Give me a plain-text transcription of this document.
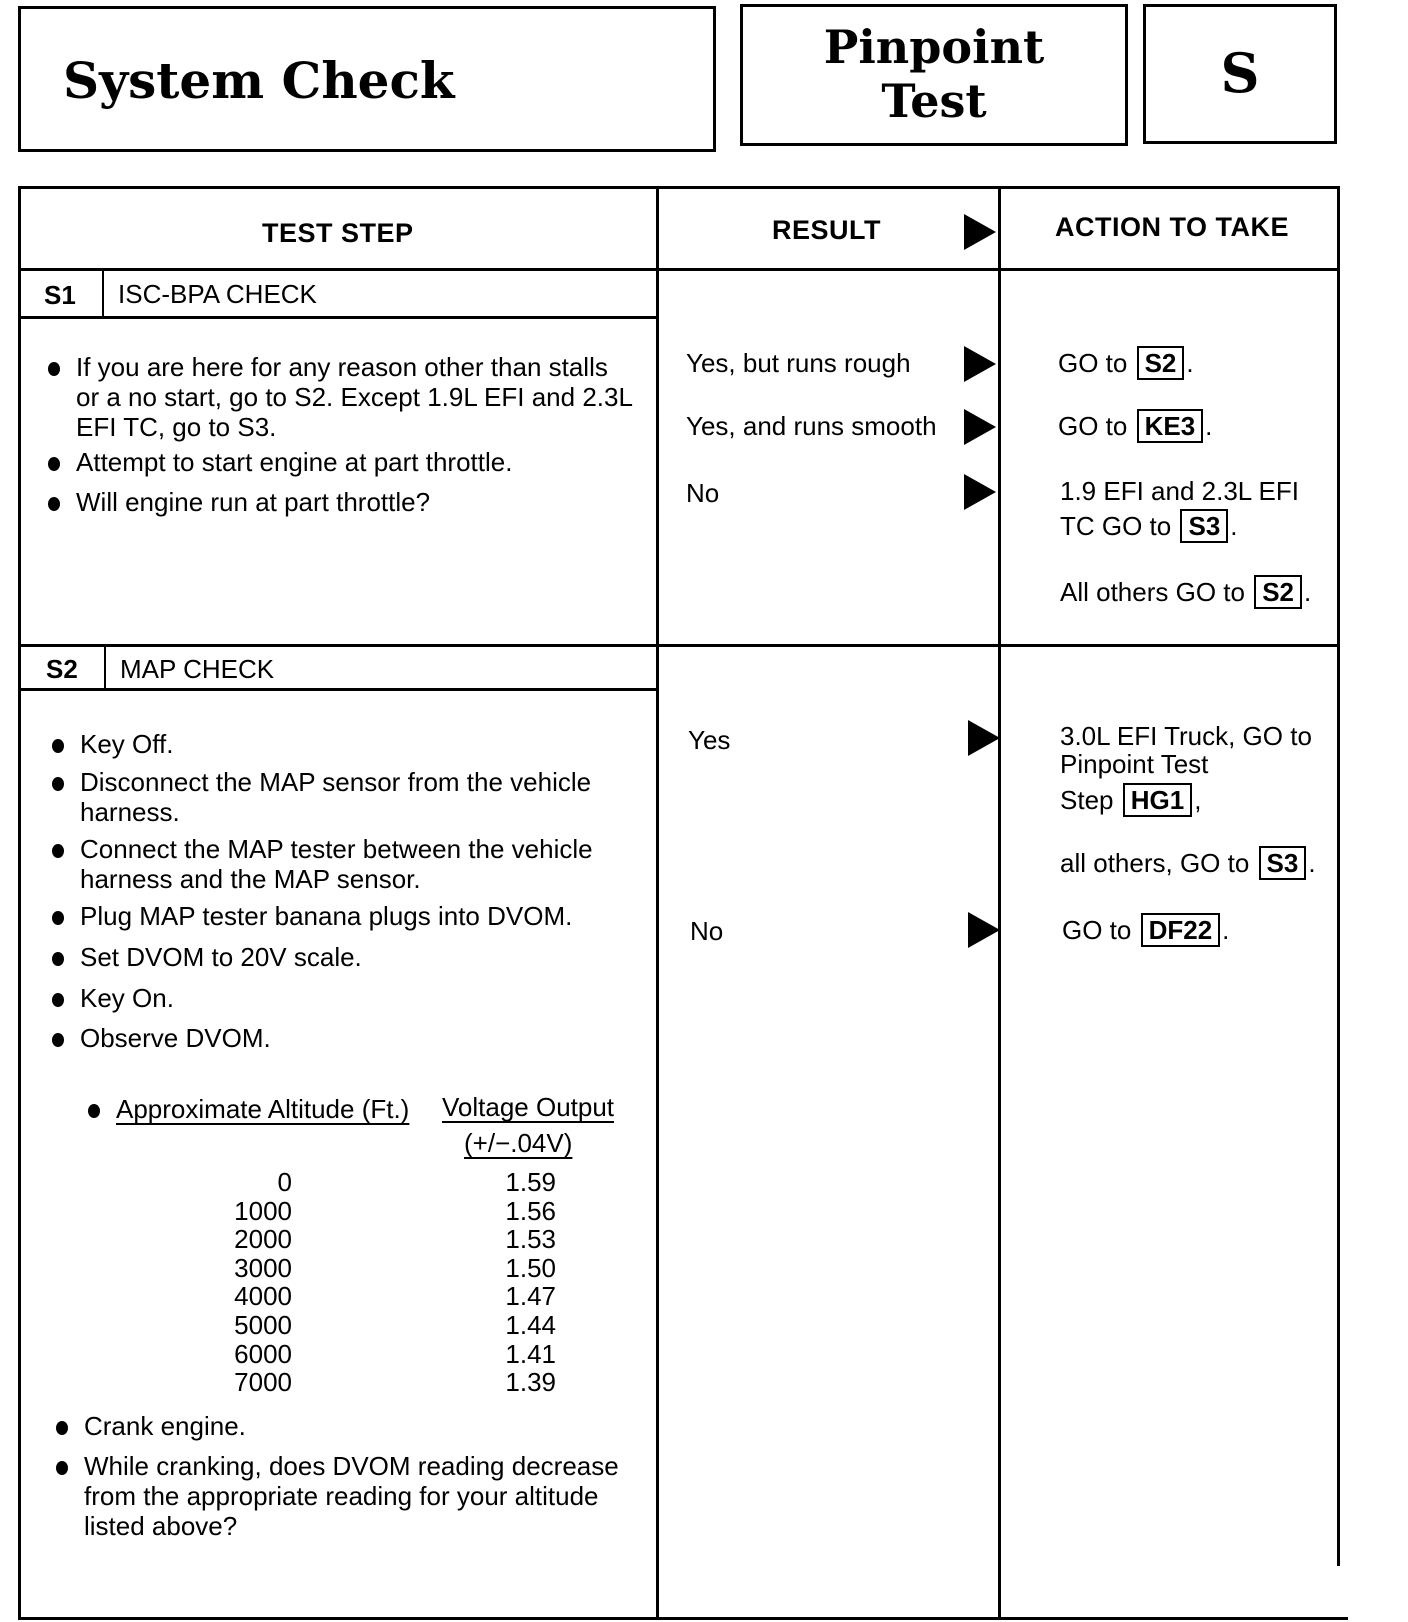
System Check
Pinpoint
Test	S
TEST STEP	RESULT	ACTION TO TAKE
S1 ISC-BPA CHECK
If you are here for any reason other than stalls or a no start, go to S2. Except 1.9L EFI and 2.3L EFI TC, go to S3.
Attempt to start engine at part throttle.
Will engine run at part throttle?
Yes, but runs rough	GO to S2 .
Yes, and runs smooth	GO to KE3 .
No	1.9 EFI and 2.3L EFI
TC GO to S3 .
All others GO to S2 .
S2 MAP CHECK
Key Off.
Disconnect the MAP sensor from the vehicle harness.
Connect the MAP tester between the vehicle harness and the MAP sensor.
Plug MAP tester banana plugs into DVOM.
Set DVOM to 20V scale.
Key On.
Observe DVOM.
Approximate Altitude (Ft.) Voltage Output
(+/−.04V)
0	1.59
1000	1.56
2000	1.53
3000	1.50
4000	1.47
5000	1.44
6000	1.41
7000	1.39
Crank engine.
While cranking, does DVOM reading decrease from the appropriate reading for your altitude listed above?
Yes	3.0L EFI Truck, GO to
Pinpoint Test
Step HG1 ,
all others, GO to S3 .
No	GO to DF22 .
